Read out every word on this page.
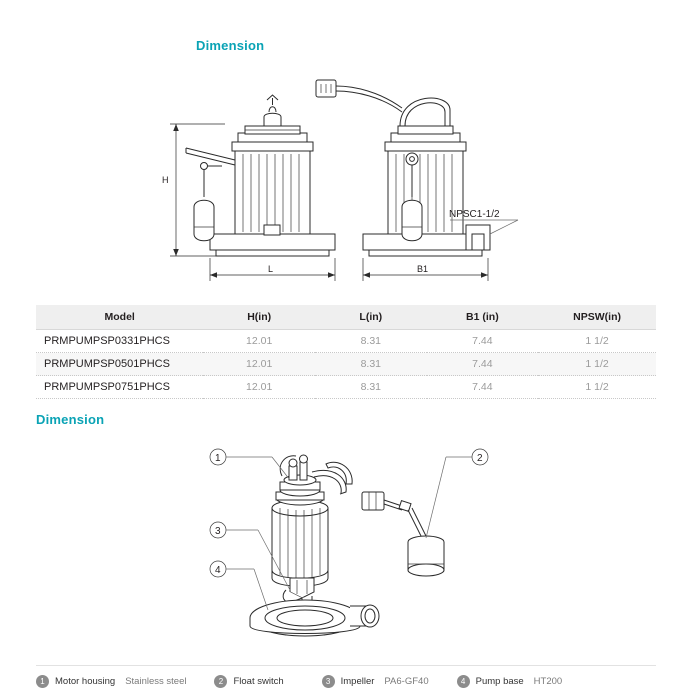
Dimension
H
L
NPSC1-1/2
B1
Model	H(in)	L(in)	B1 (in)	NPSW(in)
PRMPUMPSP0331PHCS	12.01	8.31	7.44	1 1/2
PRMPUMPSP0501PHCS	12.01	8.31	7.44	1 1/2
PRMPUMPSP0751PHCS	12.01	8.31	7.44	1 1/2
Dimension
1	2
3
4
1	Motor housing Stainless steel	2	Float switch	3	Impeller PA6-GF40	4	Pump base HT200
